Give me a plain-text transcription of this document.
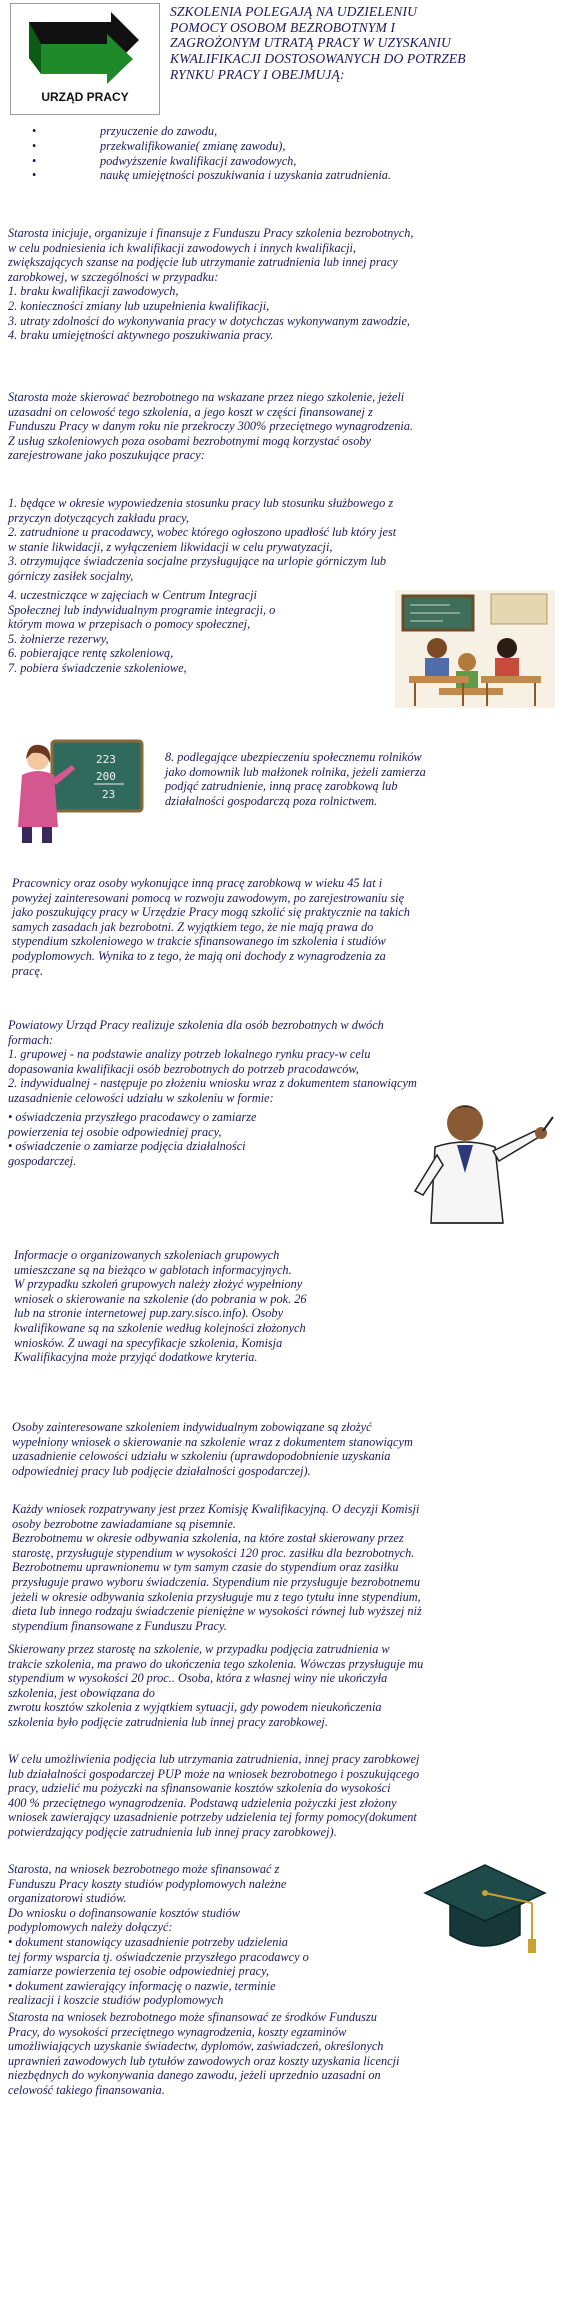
URZĄD PRACY

SZKOLENIA POLEGAJĄ NA UDZIELENIU

POMOCY OSOBOM BEZROBOTNYM I

ZAGROŻONYM UTRATĄ PRACY W UZYSKANIU

KWALIFIKACJI DOSTOSOWANYCH DO POTRZEB

RYNKU PRACY I OBEJMUJĄ:

• przyuczenie do zawodu,
• przekwalifikowanie( zmianę zawodu),
• podwyższenie kwalifikacji zawodowych,
• naukę umiejętności poszukiwania i uzyskania zatrudnienia.

Starosta inicjuje, organizuje i finansuje z Funduszu Pracy szkolenia bezrobotnych,

w celu podniesienia ich kwalifikacji zawodowych i innych kwalifikacji,

zwiększających szanse na podjęcie lub utrzymanie zatrudnienia lub innej pracy

zarobkowej, w szczególności w przypadku:

1. braku kwalifikacji zawodowych,

2. konieczności zmiany lub uzupełnienia kwalifikacji,

3. utraty zdolności do wykonywania pracy w dotychczas wykonywanym zawodzie,

4. braku umiejętności aktywnego poszukiwania pracy.

Starosta może skierować bezrobotnego na wskazane przez niego szkolenie, jeżeli

uzasadni on celowość tego szkolenia, a jego koszt w części finansowanej z

Funduszu Pracy w danym roku nie przekroczy 300% przeciętnego wynagrodzenia.

Z usług szkoleniowych poza osobami bezrobotnymi mogą korzystać osoby

zarejestrowane jako poszukujące pracy:

1. będące w okresie wypowiedzenia stosunku pracy lub stosunku służbowego z

przyczyn dotyczących zakładu pracy,

2. zatrudnione u pracodawcy, wobec którego ogłoszono upadłość lub który jest

w stanie likwidacji, z wyłączeniem likwidacji w celu prywatyzacji,

3. otrzymujące świadczenia socjalne przysługujące na urlopie górniczym lub

górniczy zasiłek socjalny,

4. uczestniczące w zajęciach w Centrum Integracji

Społecznej lub indywidualnym programie integracji, o

którym mowa w przepisach o pomocy społecznej,

5. żołnierze rezerwy,

6. pobierające rentę szkoleniową,

7. pobiera świadczenie szkoleniowe,

223
200
23

8. podlegające ubezpieczeniu społecznemu rolników

jako domownik lub małżonek rolnika, jeżeli zamierza

podjąć zatrudnienie, inną pracę zarobkową lub

działalności gospodarczą poza rolnictwem.

Pracownicy oraz osoby wykonujące inną pracę zarobkową w wieku 45 lat i

powyżej zainteresowani pomocą w rozwoju zawodowym, po zarejestrowaniu się

jako poszukujący pracy w Urzędzie Pracy mogą szkolić się praktycznie na takich

samych zasadach jak bezrobotni. Z wyjątkiem tego, że nie mają prawa do

stypendium szkoleniowego w trakcie sfinansowanego im szkolenia i studiów

podyplomowych. Wynika to z tego, że mają oni dochody z wynagrodzenia za

pracę.

Powiatowy Urząd Pracy realizuje szkolenia dla osób bezrobotnych w dwóch

formach:

1. grupowej - na podstawie analizy potrzeb lokalnego rynku pracy-w celu

dopasowania kwalifikacji osób bezrobotnych do potrzeb pracodawców,

2. indywidualnej - następuje po złożeniu wniosku wraz z dokumentem stanowiącym

uzasadnienie celowości udziału w szkoleniu w formie:

• oświadczenia przyszłego pracodawcy o zamiarze

powierzenia tej osobie odpowiedniej pracy,

• oświadczenie o zamiarze podjęcia działalności

gospodarczej.

Informacje o organizowanych szkoleniach grupowych

umieszczane są na bieżąco w gablotach informacyjnych.

W przypadku szkoleń grupowych należy złożyć wypełniony

wniosek o skierowanie na szkolenie (do pobrania w pok. 26

lub na stronie internetowej pup.zary.sisco.info). Osoby

kwalifikowane są na szkolenie według kolejności złożonych

wniosków. Z uwagi na specyfikacje szkolenia, Komisja

Kwalifikacyjna może przyjąć dodatkowe kryteria.

Osoby zainteresowane szkoleniem indywidualnym zobowiązane są złożyć

wypełniony wniosek o skierowanie na szkolenie wraz z dokumentem stanowiącym

uzasadnienie celowości udziału w szkoleniu (uprawdopodobnienie uzyskania

odpowiedniej pracy lub podjęcie działalności gospodarczej).

Każdy wniosek rozpatrywany jest przez Komisję Kwalifikacyjną. O decyzji Komisji

osoby bezrobotne zawiadamiane są pisemnie.

Bezrobotnemu w okresie odbywania szkolenia, na które został skierowany przez

starostę, przysługuje stypendium w wysokości 120 proc. zasiłku dla bezrobotnych.

Bezrobotnemu uprawnionemu w tym samym czasie do stypendium oraz zasiłku

przysługuje prawo wyboru świadczenia. Stypendium nie przysługuje bezrobotnemu

jeżeli w okresie odbywania szkolenia przysługuje mu z tego tytułu inne stypendium,

dieta lub innego rodzaju świadczenie pieniężne w wysokości równej lub wyższej niż

stypendium finansowane z Funduszu Pracy.

Skierowany przez starostę na szkolenie, w przypadku podjęcia zatrudnienia w

trakcie szkolenia, ma prawo do ukończenia tego szkolenia. Wówczas przysługuje mu

stypendium w wysokości 20 proc.. Osoba, która z własnej winy nie ukończyła

szkolenia, jest obowiązana do

zwrotu kosztów szkolenia z wyjątkiem sytuacji, gdy powodem nieukończenia

szkolenia było podjęcie zatrudnienia lub innej pracy zarobkowej.

W celu umożliwienia podjęcia lub utrzymania zatrudnienia, innej pracy zarobkowej

lub działalności gospodarczej PUP może na wniosek bezrobotnego i poszukującego

pracy, udzielić mu pożyczki na sfinansowanie kosztów szkolenia do wysokości

400 % przeciętnego wynagrodzenia. Podstawą udzielenia pożyczki jest złożony

wniosek zawierający uzasadnienie potrzeby udzielenia tej formy pomocy(dokument

potwierdzający podjęcie zatrudnienia lub innej pracy zarobkowej).

Starosta, na wniosek bezrobotnego może sfinansować z

Funduszu Pracy koszty studiów podyplomowych należne

organizatorowi studiów.

Do wniosku o dofinansowanie kosztów studiów

podyplomowych należy dołączyć:

• dokument stanowiący uzasadnienie potrzeby udzielenia

tej formy wsparcia tj. oświadczenie przyszłego pracodawcy o

zamiarze powierzenia tej osobie odpowiedniej pracy,

• dokument zawierający informację o nazwie, terminie

realizacji i koszcie studiów podyplomowych

Starosta na wniosek bezrobotnego może sfinansować ze środków Funduszu

Pracy, do wysokości przeciętnego wynagrodzenia, koszty egzaminów

umożliwiających uzyskanie świadectw, dyplomów, zaświadczeń, określonych

uprawnień zawodowych lub tytułów zawodowych oraz koszty uzyskania licencji

niezbędnych do wykonywania danego zawodu, jeżeli uprzednio uzasadni on

celowość takiego finansowania.
